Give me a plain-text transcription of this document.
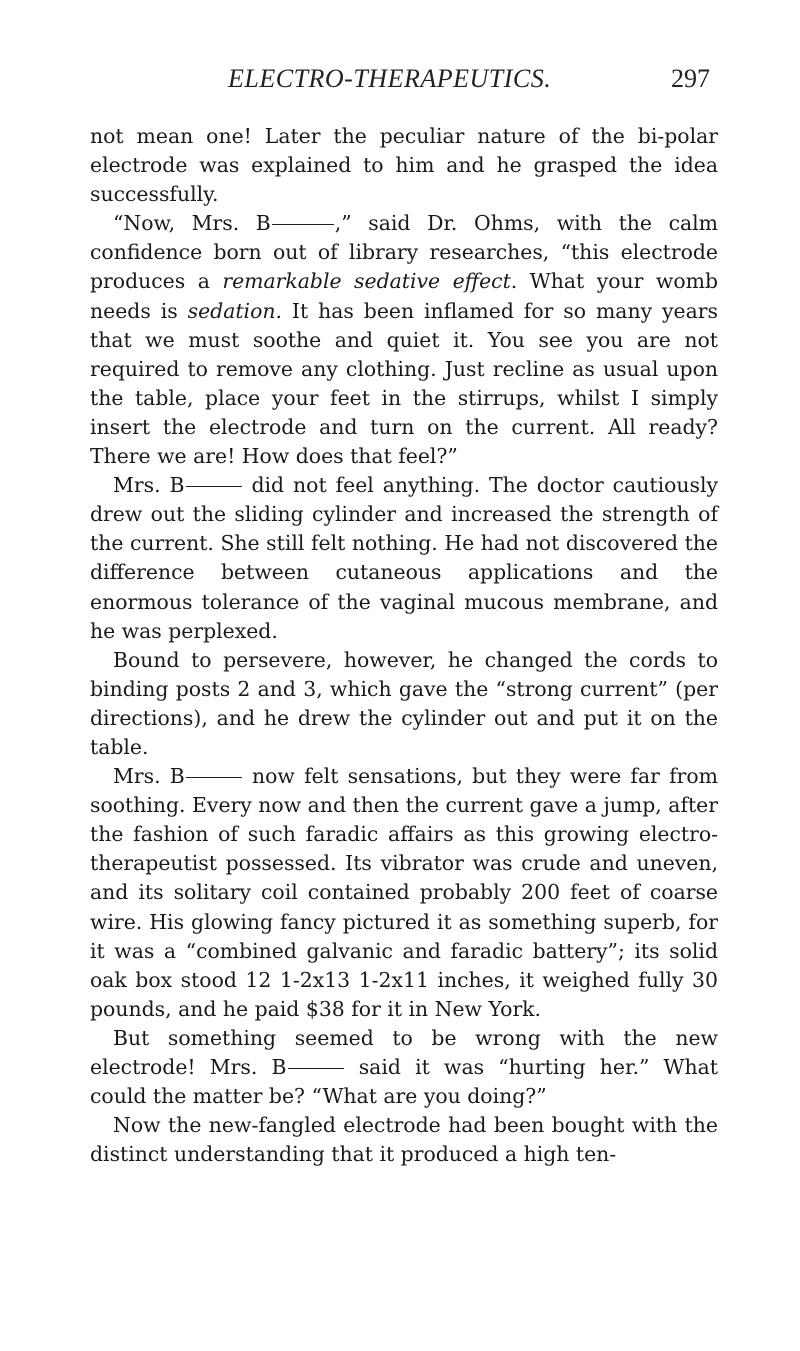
ELECTRO-THERAPEUTICS.	297

not mean one! Later the peculiar nature of the bi-polar electrode was explained to him and he grasped the idea successfully.

“Now, Mrs. B	,” said Dr. Ohms, with the calm confidence born out of library researches, “this electrode produces a remarkable sedative effect. What your womb needs is sedation. It has been inflamed for so many years that we must soothe and quiet it. You see you are not required to remove any clothing. Just recline as usual upon the table, place your feet in the stirrups, whilst I simply insert the electrode and turn on the current. All ready? There we are! How does that feel?”

Mrs. B	did not feel anything. The doctor cautiously drew out the sliding cylinder and increased the strength of the current. She still felt nothing. He had not discovered the difference between cutaneous applications and the enormous tolerance of the vaginal mucous membrane, and he was perplexed.

Bound to persevere, however, he changed the cords to binding posts 2 and 3, which gave the “strong current” (per directions), and he drew the cylinder out and put it on the table.

Mrs. B	now felt sensations, but they were far from soothing. Every now and then the current gave a jump, after the fashion of such faradic affairs as this growing electro-therapeutist possessed. Its vibrator was crude and uneven, and its solitary coil contained probably 200 feet of coarse wire. His glowing fancy pictured it as something superb, for it was a “combined galvanic and faradic battery”; its solid oak box stood 12 1-2x13 1-2x11 inches, it weighed fully 30 pounds, and he paid $38 for it in New York.

But something seemed to be wrong with the new electrode! Mrs. B	said it was “hurting her.” What could the matter be? “What are you doing?”

Now the new-fangled electrode had been bought with the distinct understanding that it produced a high ten-
